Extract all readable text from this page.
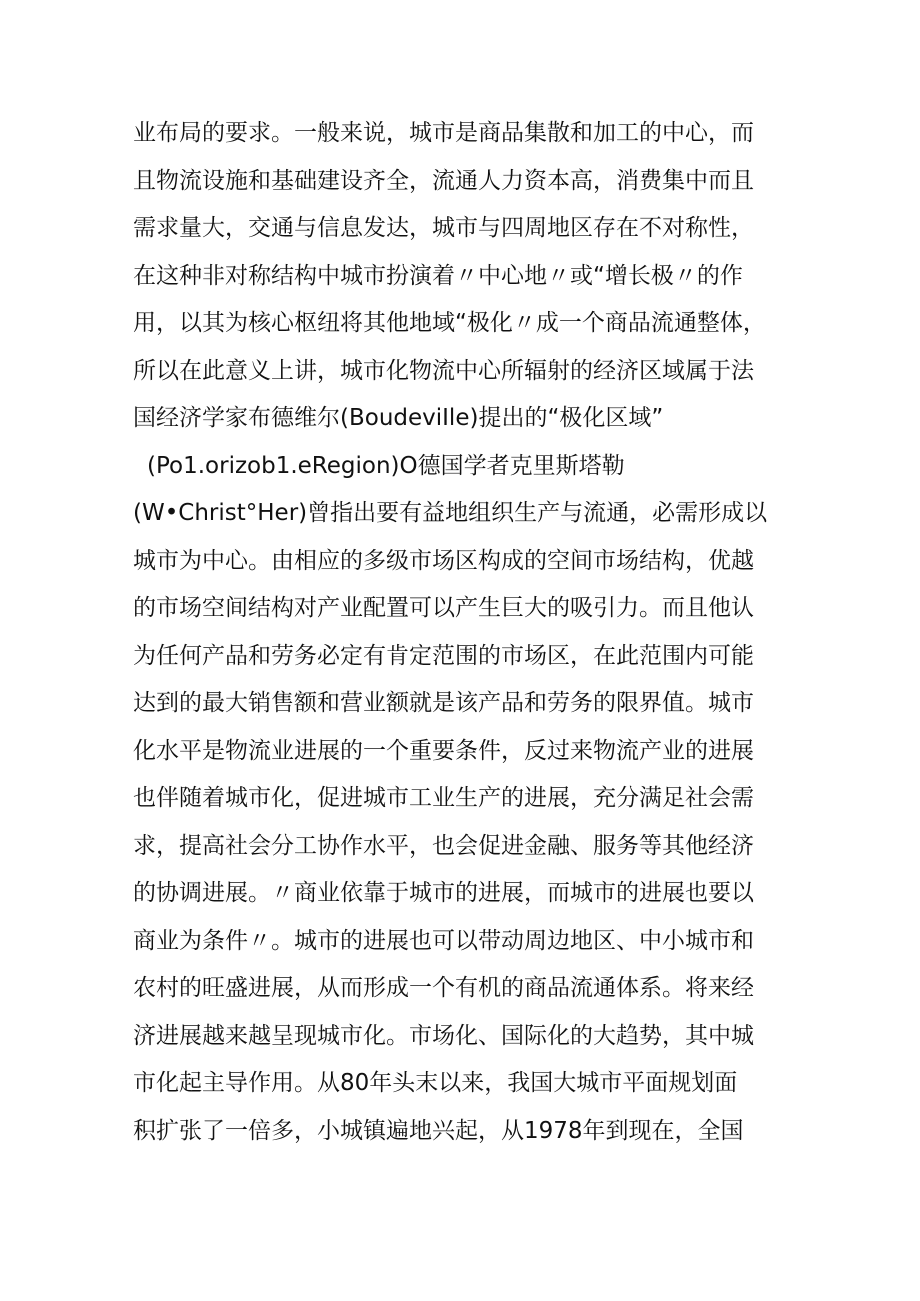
业布局的要求。一般来说，城市是商品集散和加工的中心，而
且物流设施和基础建设齐全，流通人力资本高，消费集中而且
需求量大，交通与信息发达，城市与四周地区存在不对称性，
在这种非对称结构中城市扮演着〃中心地〃或“增长极〃的作
用，以其为核心枢纽将其他地域“极化〃成一个商品流通整体，
所以在此意义上讲，城市化物流中心所辐射的经济区域属于法
国经济学家布德维尔(BoudeviIle)提出的“极化区域”
(Po1.orizob1.eRegion)O德国学者克里斯塔勒
(W•Christ°Her)曾指出要有益地组织生产与流通，必需形成以
城市为中心。由相应的多级市场区构成的空间市场结构，优越
的市场空间结构对产业配置可以产生巨大的吸引力。而且他认
为任何产品和劳务必定有肯定范围的市场区，在此范围内可能
达到的最大销售额和营业额就是该产品和劳务的限界值。城市
化水平是物流业进展的一个重要条件，反过来物流产业的进展
也伴随着城市化，促进城市工业生产的进展，充分满足社会需
求，提高社会分工协作水平，也会促进金融、服务等其他经济
的协调进展。〃商业依靠于城市的进展，而城市的进展也要以
商业为条件〃。城市的进展也可以带动周边地区、中小城市和
农村的旺盛进展，从而形成一个有机的商品流通体系。将来经
济进展越来越呈现城市化。市场化、国际化的大趋势，其中城
市化起主导作用。从80年头末以来，我国大城市平面规划面
积扩张了一倍多，小城镇遍地兴起，从1978年到现在，全国
